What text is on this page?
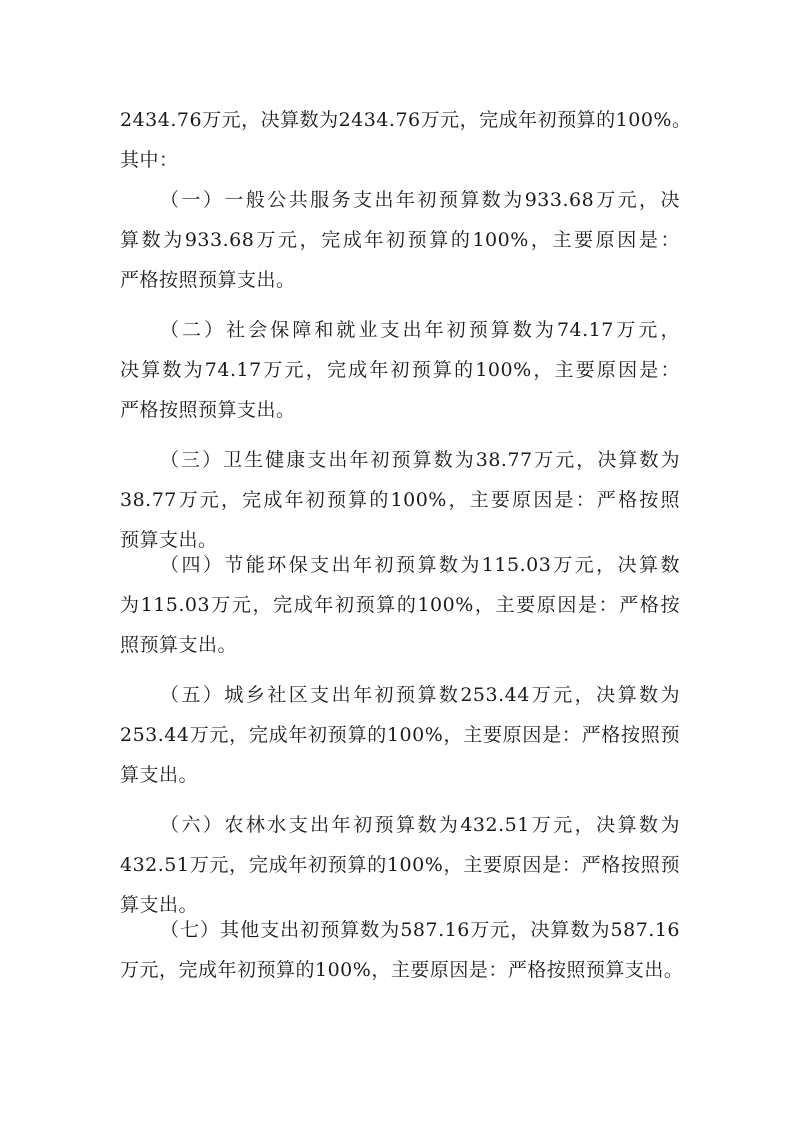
2434.76万元，决算数为2434.76万元，完成年初预算的100%。
其中：
（一）一般公共服务支出年初预算数为933.68万元，决
算数为933.68万元，完成年初预算的100%，主要原因是：
严格按照预算支出。
（二）社会保障和就业支出年初预算数为74.17万元，
决算数为74.17万元，完成年初预算的100%，主要原因是：
严格按照预算支出。
（三）卫生健康支出年初预算数为38.77万元，决算数为
38.77万元，完成年初预算的100%，主要原因是：严格按照
预算支出。
（四）节能环保支出年初预算数为115.03万元，决算数
为115.03万元，完成年初预算的100%，主要原因是：严格按
照预算支出。
（五）城乡社区支出年初预算数253.44万元，决算数为
253.44万元，完成年初预算的100%，主要原因是：严格按照预
算支出。
（六）农林水支出年初预算数为432.51万元，决算数为
432.51万元，完成年初预算的100%，主要原因是：严格按照预
算支出。
（七）其他支出初预算数为587.16万元，决算数为587.16
万元，完成年初预算的100%，主要原因是：严格按照预算支出。
